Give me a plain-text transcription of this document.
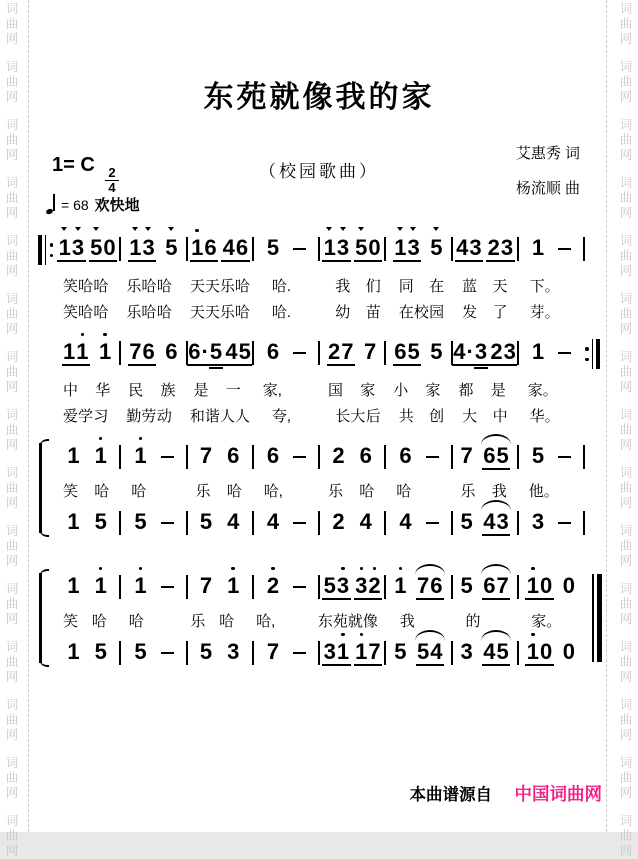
词
曲
网
词
曲
网
词
曲
网
词
曲
网
词
曲
网
词
曲
网
词
曲
网
词
曲
网
词
曲
网
词
曲
网
词
曲
网
词
曲
网
词
曲
网
词
曲
网
词
曲
网
词
曲
网
词
曲
网
词
曲
网
词
曲
网
词
曲
网
词
曲
网
词
曲
网
词
曲
网
词
曲
网
词
曲
网
词
曲
网
词
曲
网
词
曲
网
词
曲
网
词
曲
网
东苑就像我的家
（校园歌曲）
艾惠秀 词
杨流顺 曲
1= C
$\frac{2}{4}$
= 68 欢快地
1 3 5 0 1 3 5 1 6 4 6 5 1 3 5 0 1 3 5 4 3 2 3 1
笑哈 哈 乐哈 哈 天天 乐哈 哈.	我 们 同 在 蓝 天 下。
笑哈 哈 乐哈 哈 天天 乐哈 哈.	幼 苗 在 校 园 发 了 芽。
1 1 1 7 6 6 6 · 5 4 5 6 2 7 7 6 5 5 4 · 3 2 3 1
中 华 民 族 是 一 家,	国 家 小 家 都 是 家。
爱学 习 勤劳 动 和 谐 人人 夸,	长大 后 共 创 大 中 华。
1 1 1 7 6 6 2 6 6 7 6 5 5
笑 哈 哈	乐 哈 哈,	乐 哈 哈	乐 我 他。
1 5 5 5 4 4 2 4 4 5 4 3 3
1 1 1 7 1 2 5 3 3 2 1 7 6 5 6 7 1 0 0
笑 哈 哈	乐 哈 哈,	东苑 就像 我	的	家。
1 5 5 5 3 7 3 1 1 7 5 5 4 3 4 5 1 0 0
本曲谱源自 中国词曲网
